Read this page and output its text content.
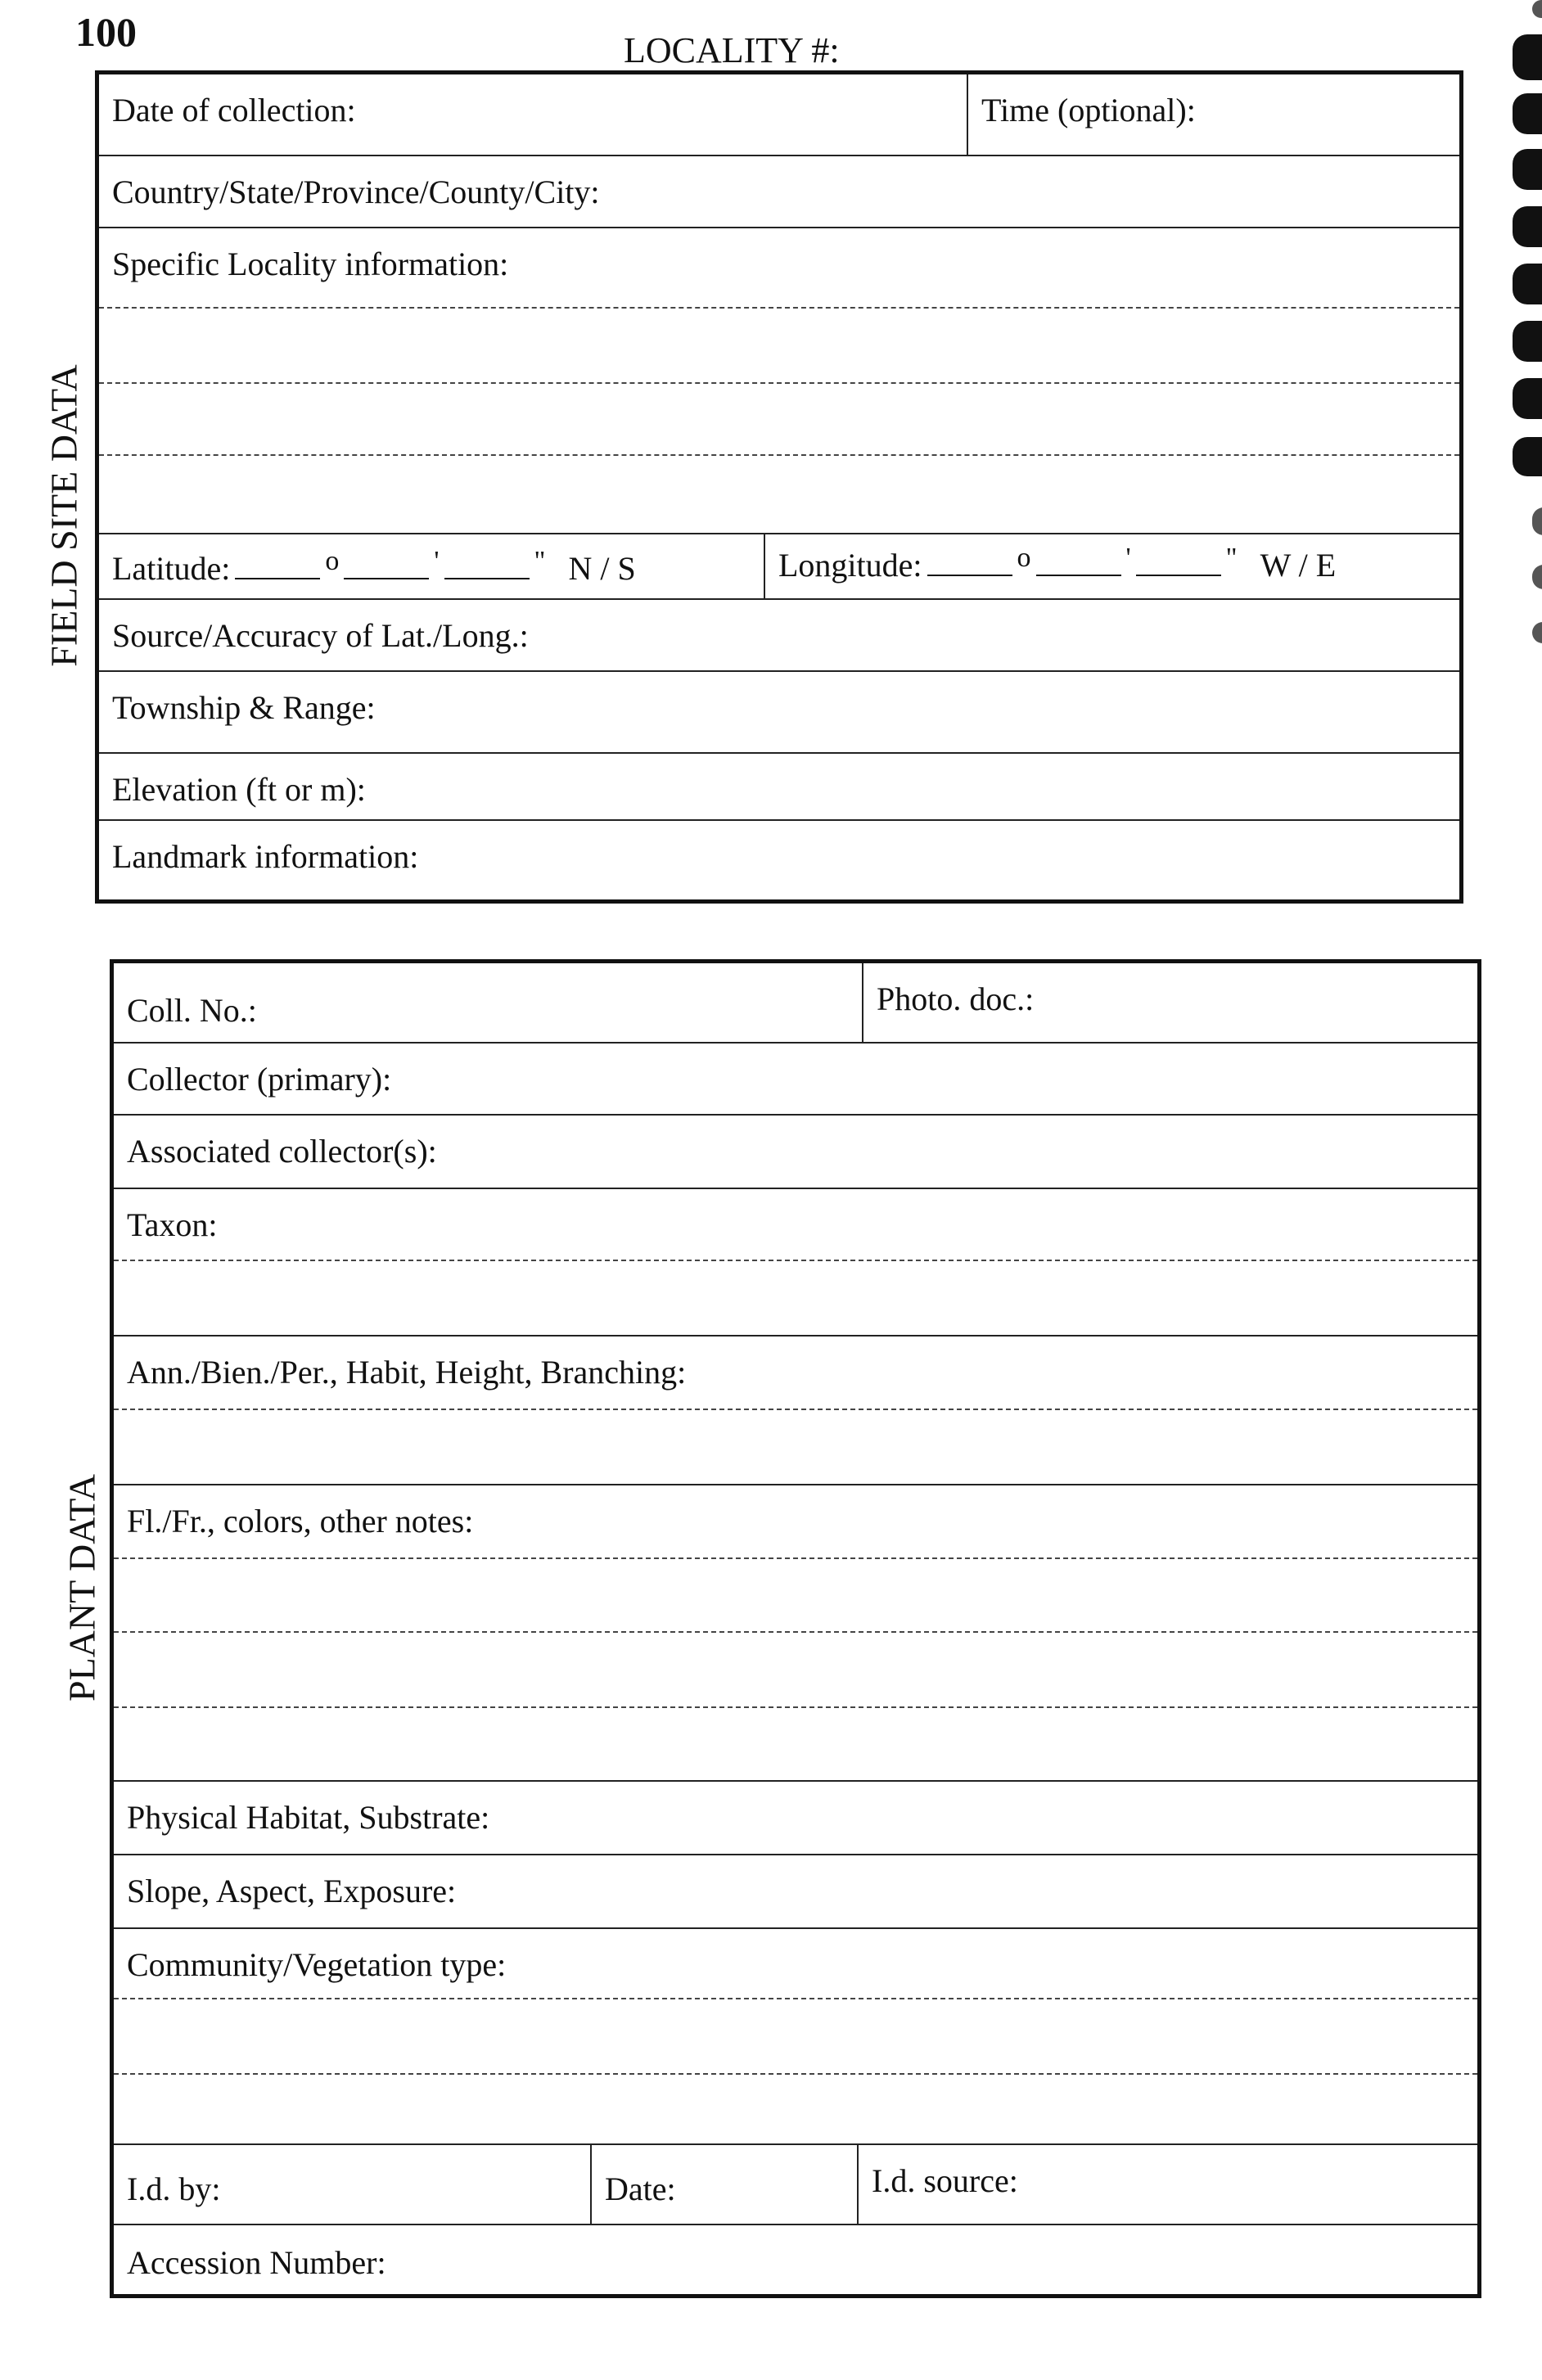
100	LOCALITY #:
FIELD SITE DATA
Date of collection:	Time (optional):
Country/State/Province/County/City:
Specific Locality information:
Latitude:	o	'	" N / S	Longitude:	o	'	" W / E
Source/Accuracy of Lat./Long.:
Township & Range:
Elevation (ft or m):
Landmark information:
PLANT DATA
Coll. No.:	Photo. doc.:
Collector (primary):
Associated collector(s):
Taxon:
Ann./Bien./Per., Habit, Height, Branching:
Fl./Fr., colors, other notes:
Physical Habitat, Substrate:
Slope, Aspect, Exposure:
Community/Vegetation type:
I.d. by:	Date:	I.d. source:
Accession Number:
